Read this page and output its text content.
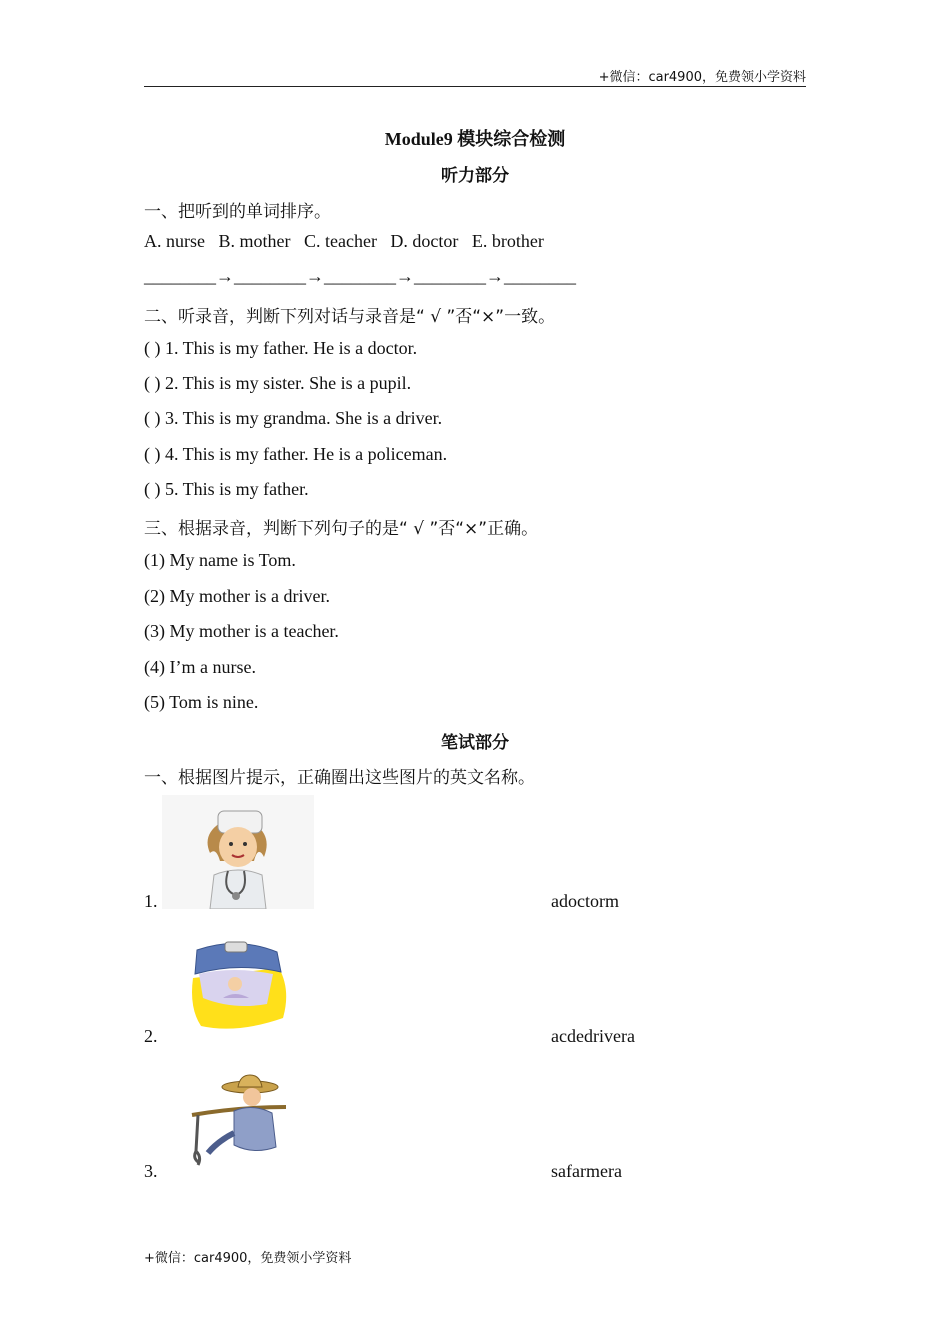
+微信：car4900，免费领小学资料
Module9 模块综合检测
听力部分
一、把听到的单词排序。
A. nurse   B. mother   C. teacher   D. doctor   E. brother
________→________→________→________→________
二、听录音，判断下列对话与录音是“ √ ”否“×”一致。
( ) 1. This is my father. He is a doctor.
( ) 2. This is my sister. She is a pupil.
( ) 3. This is my grandma. She is a driver.
( ) 4. This is my father. He is a policeman.
( ) 5. This is my father.
三、根据录音，判断下列句子的是“ √ ”否“×”正确。
(1) My name is Tom.
(2) My mother is a driver.
(3) My mother is a teacher.
(4) I’m a nurse.
(5) Tom is nine.
笔试部分
一、根据图片提示，正确圈出这些图片的英文名称。
1.	adoctorm
2.	acdedrivera
3.	safarmera
+微信：car4900，免费领小学资料
